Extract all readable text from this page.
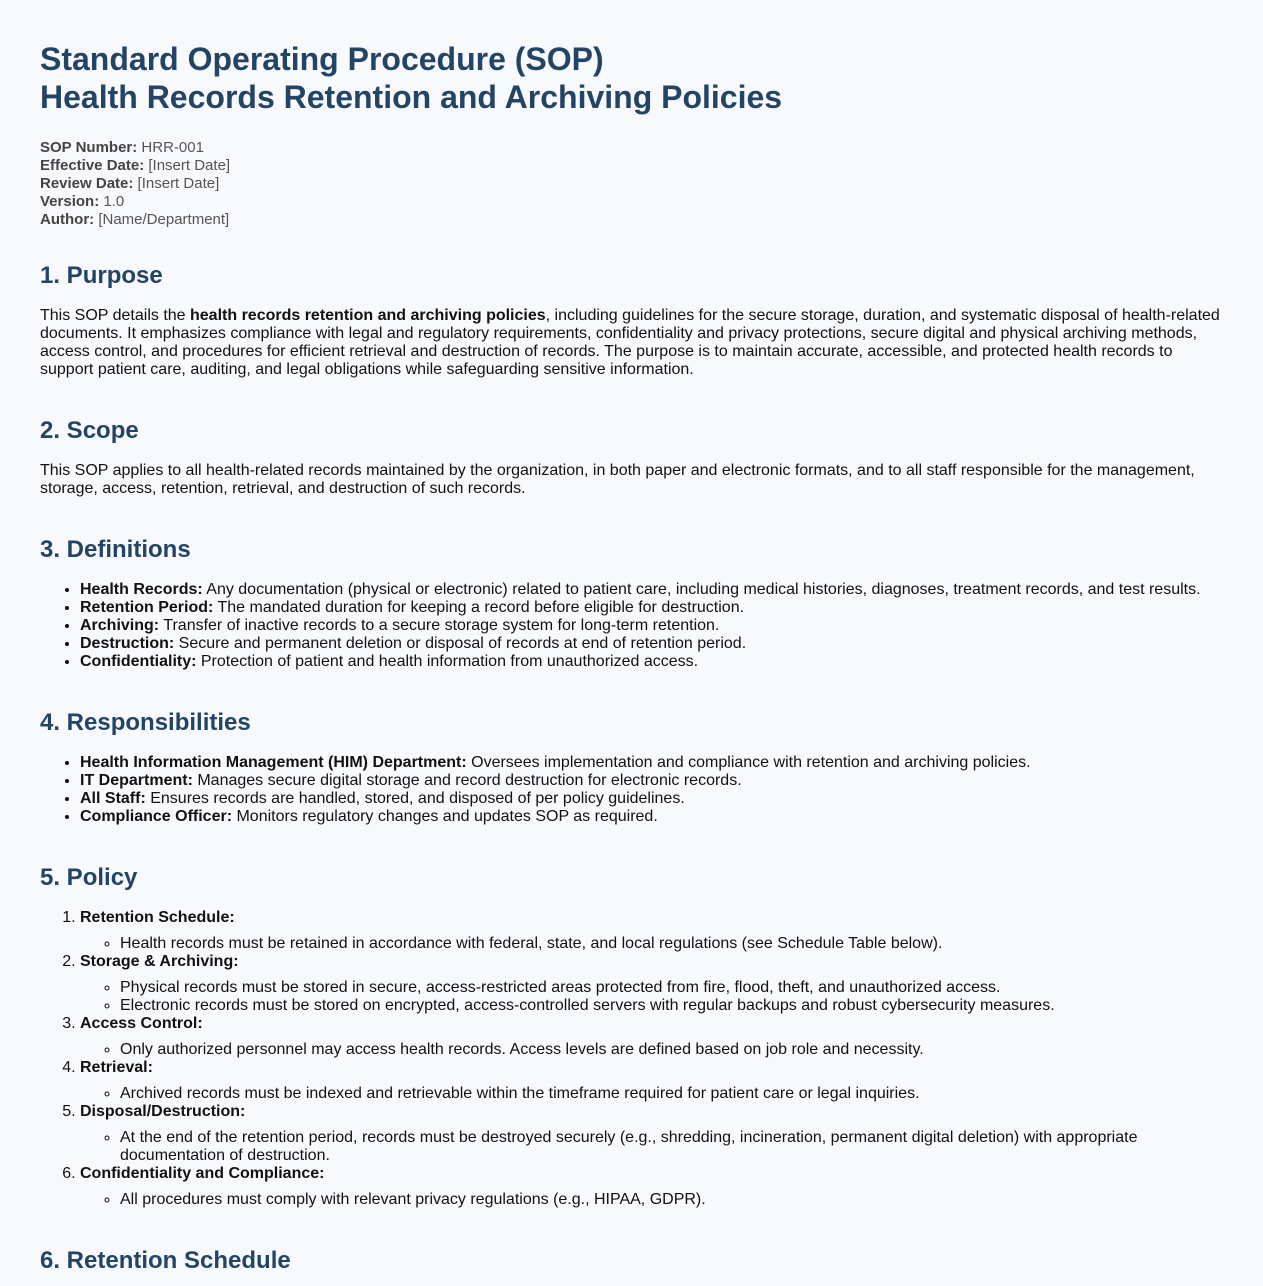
Standard Operating Procedure (SOP)
Health Records Retention and Archiving Policies
SOP Number: HRR-001
Effective Date: [Insert Date]
Review Date: [Insert Date]
Version: 1.0
Author: [Name/Department]
1. Purpose

This SOP details the health records retention and archiving policies, including guidelines for the secure storage, duration, and systematic disposal of health-related documents. It emphasizes compliance with legal and regulatory requirements, confidentiality and privacy protections, secure digital and physical archiving methods, access control, and procedures for efficient retrieval and destruction of records. The purpose is to maintain accurate, accessible, and protected health records to support patient care, auditing, and legal obligations while safeguarding sensitive information.

2. Scope

This SOP applies to all health-related records maintained by the organization, in both paper and electronic formats, and to all staff responsible for the management, storage, access, retention, retrieval, and destruction of such records.

3. Definitions
• Health Records: Any documentation (physical or electronic) related to patient care, including medical histories, diagnoses, treatment records, and test results.
• Retention Period: The mandated duration for keeping a record before eligible for destruction.
• Archiving: Transfer of inactive records to a secure storage system for long-term retention.
• Destruction: Secure and permanent deletion or disposal of records at end of retention period.
• Confidentiality: Protection of patient and health information from unauthorized access.
4. Responsibilities
• Health Information Management (HIM) Department: Oversees implementation and compliance with retention and archiving policies.
• IT Department: Manages secure digital storage and record destruction for electronic records.
• All Staff: Ensures records are handled, stored, and disposed of per policy guidelines.
• Compliance Officer: Monitors regulatory changes and updates SOP as required.
5. Policy
1. Retention Schedule:
◦ Health records must be retained in accordance with federal, state, and local regulations (see Schedule Table below).
2. Storage & Archiving:
◦ Physical records must be stored in secure, access-restricted areas protected from fire, flood, theft, and unauthorized access.
◦ Electronic records must be stored on encrypted, access-controlled servers with regular backups and robust cybersecurity measures.
3. Access Control:
◦ Only authorized personnel may access health records. Access levels are defined based on job role and necessity.
4. Retrieval:
◦ Archived records must be indexed and retrievable within the timeframe required for patient care or legal inquiries.
5. Disposal/Destruction:
◦ At the end of the retention period, records must be destroyed securely (e.g., shredding, incineration, permanent digital deletion) with appropriate documentation of destruction.
6. Confidentiality and Compliance:
◦ All procedures must comply with relevant privacy regulations (e.g., HIPAA, GDPR).
6. Retention Schedule
